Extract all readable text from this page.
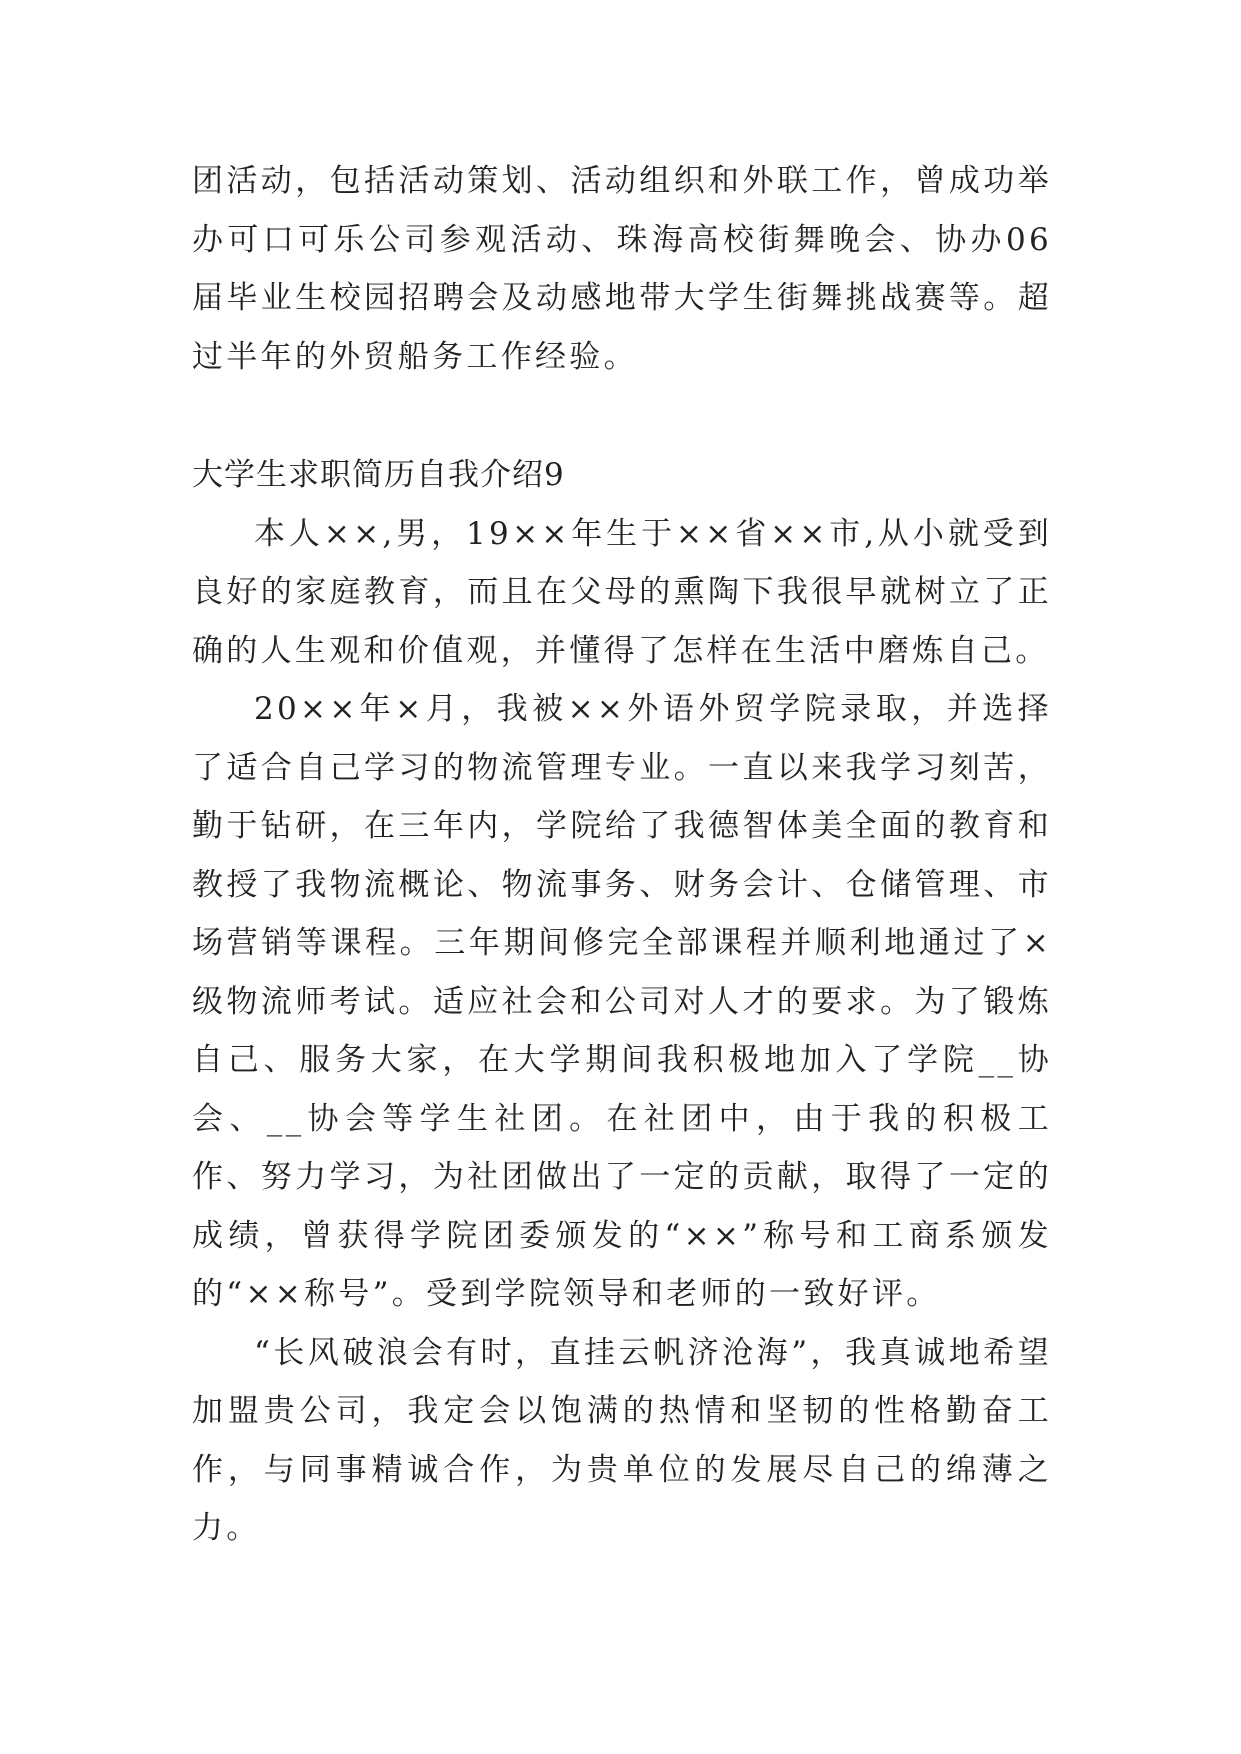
团活动，包括活动策划、活动组织和外联工作，曾成功举办可口可乐公司参观活动、珠海高校街舞晚会、协办06届毕业生校园招聘会及动感地带大学生街舞挑战赛等。超过半年的外贸船务工作经验。

大学生求职简历自我介绍9

本人××,男，19××年生于××省××市,从小就受到良好的家庭教育，而且在父母的熏陶下我很早就树立了正确的人生观和价值观，并懂得了怎样在生活中磨炼自己。

20××年×月，我被××外语外贸学院录取，并选择了适合自己学习的物流管理专业。一直以来我学习刻苦，勤于钻研，在三年内，学院给了我德智体美全面的教育和教授了我物流概论、物流事务、财务会计、仓储管理、市场营销等课程。三年期间修完全部课程并顺利地通过了×级物流师考试。适应社会和公司对人才的要求。为了锻炼自己、服务大家，在大学期间我积极地加入了学院__协会、__协会等学生社团。在社团中，由于我的积极工作、努力学习，为社团做出了一定的贡献，取得了一定的成绩，曾获得学院团委颁发的“××”称号和工商系颁发的“××称号”。受到学院领导和老师的一致好评。

“长风破浪会有时，直挂云帆济沧海”，我真诚地希望加盟贵公司，我定会以饱满的热情和坚韧的性格勤奋工作，与同事精诚合作，为贵单位的发展尽自己的绵薄之力。
